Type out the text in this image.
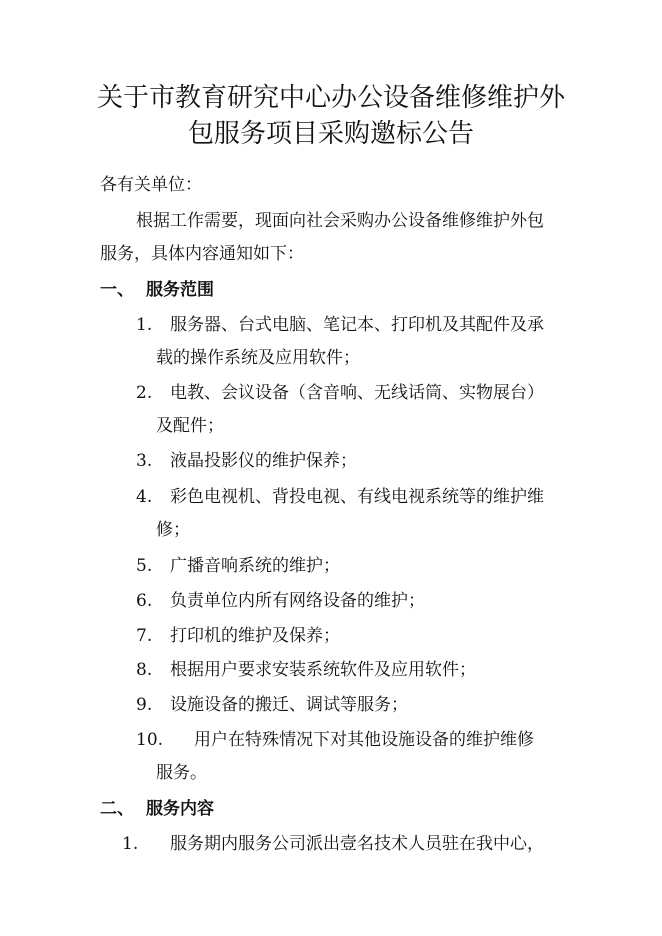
关于市教育研究中心办公设备维修维护外
包服务项目采购邀标公告
各有关单位：
根据工作需要，现面向社会采购办公设备维修维护外包
服务，具体内容通知如下：
一、 服务范围
1. 服务器、台式电脑、笔记本、打印机及其配件及承
载的操作系统及应用软件；
2. 电教、会议设备（含音响、无线话筒、实物展台）
及配件；
3. 液晶投影仪的维护保养；
4. 彩色电视机、背投电视、有线电视系统等的维护维
修；
5. 广播音响系统的维护；
6. 负责单位内所有网络设备的维护；
7. 打印机的维护及保养；
8. 根据用户要求安装系统软件及应用软件；
9. 设施设备的搬迁、调试等服务；
10. 用户在特殊情况下对其他设施设备的维护维修
服务。
二、 服务内容
1. 服务期内服务公司派出壹名技术人员驻在我中心，
